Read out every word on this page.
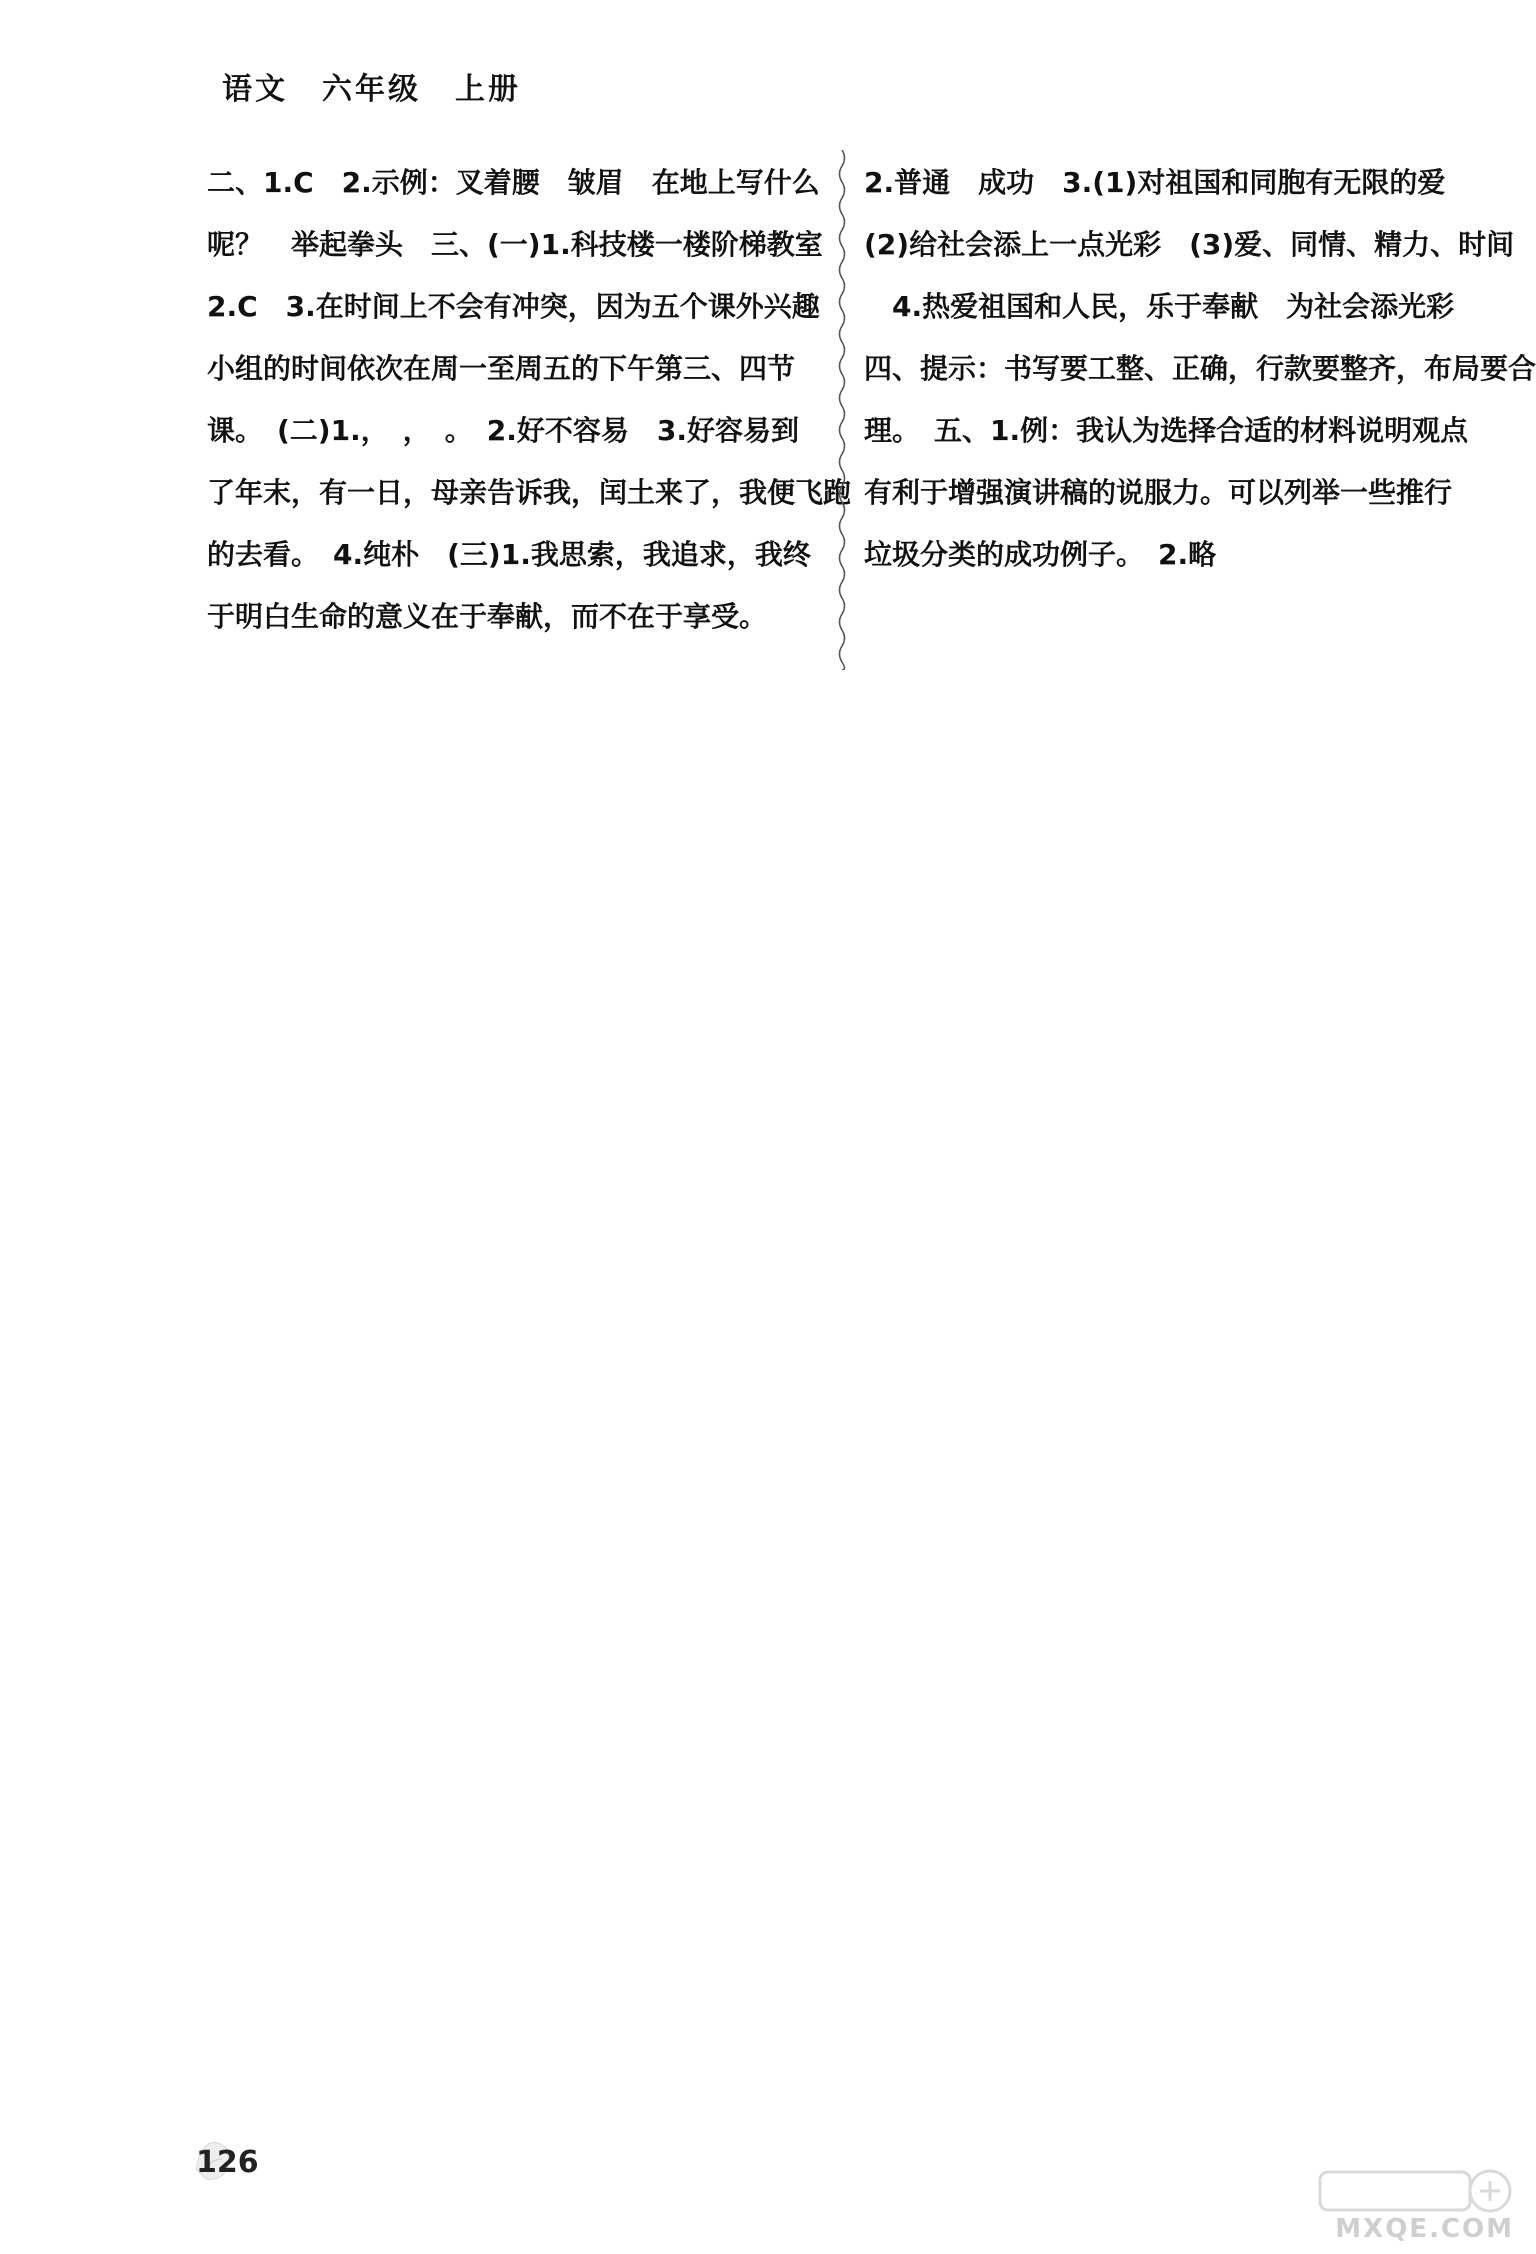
语文 六年级 上册
二、1.C　2.示例：叉着腰　皱眉　在地上写什么
呢？　举起拳头　三、(一)1.科技楼一楼阶梯教室
2.C　3.在时间上不会有冲突，因为五个课外兴趣
小组的时间依次在周一至周五的下午第三、四节
课。　(二)1.，　，　。　2.好不容易　3.好容易到
了年末，有一日，母亲告诉我，闰土来了，我便飞跑
的去看。　4.纯朴　(三)1.我思索，我追求，我终
于明白生命的意义在于奉献，而不在于享受。
2.普通　成功　3.(1)对祖国和同胞有无限的爱
(2)给社会添上一点光彩　(3)爱、同情、精力、时间
　4.热爱祖国和人民，乐于奉献　为社会添光彩
四、提示：书写要工整、正确，行款要整齐，布局要合
理。　五、1.例：我认为选择合适的材料说明观点
有利于增强演讲稿的说服力。可以列举一些推行
垃圾分类的成功例子。　2.略
126
MXQE.COM
